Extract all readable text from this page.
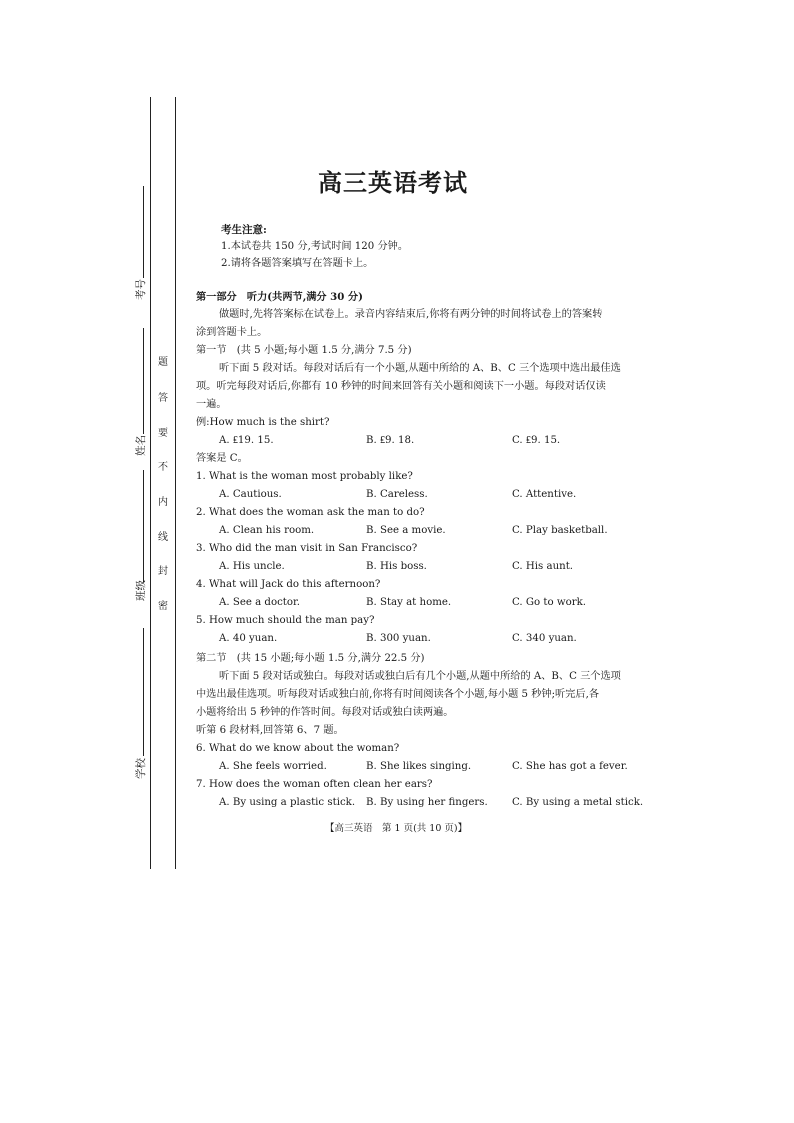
考号
姓名
班级
学校
题
答
要
不
内
线
封
密
高三英语考试
考生注意:
1.本试卷共 150 分,考试时间 120 分钟。
2.请将各题答案填写在答题卡上。
第一部分　听力(共两节,满分 30 分)
做题时,先将答案标在试卷上。录音内容结束后,你将有两分钟的时间将试卷上的答案转
涂到答题卡上。
第一节　(共 5 小题;每小题 1.5 分,满分 7.5 分)
听下面 5 段对话。每段对话后有一个小题,从题中所给的 A、B、C 三个选项中选出最佳选
项。听完每段对话后,你都有 10 秒钟的时间来回答有关小题和阅读下一小题。每段对话仅读
一遍。
例:How much is the shirt?
A. ₤19. 15.	B. ₤9. 18.	C. ₤9. 15.
答案是 C。
1. What is the woman most probably like?
A. Cautious.	B. Careless.	C. Attentive.
2. What does the woman ask the man to do?
A. Clean his room.	B. See a movie.	C. Play basketball.
3. Who did the man visit in San Francisco?
A. His uncle.	B. His boss.	C. His aunt.
4. What will Jack do this afternoon?
A. See a doctor.	B. Stay at home.	C. Go to work.
5. How much should the man pay?
A. 40 yuan.	B. 300 yuan.	C. 340 yuan.
第二节　(共 15 小题;每小题 1.5 分,满分 22.5 分)
听下面 5 段对话或独白。每段对话或独白后有几个小题,从题中所给的 A、B、C 三个选项
中选出最佳选项。听每段对话或独白前,你将有时间阅读各个小题,每小题 5 秒钟;听完后,各
小题将给出 5 秒钟的作答时间。每段对话或独白读两遍。
听第 6 段材料,回答第 6、7 题。
6. What do we know about the woman?
A. She feels worried.	B. She likes singing.	C. She has got a fever.
7. How does the woman often clean her ears?
A. By using a plastic stick. B. By using her fingers. C. By using a metal stick.
【高三英语　第 1 页(共 10 页)】
